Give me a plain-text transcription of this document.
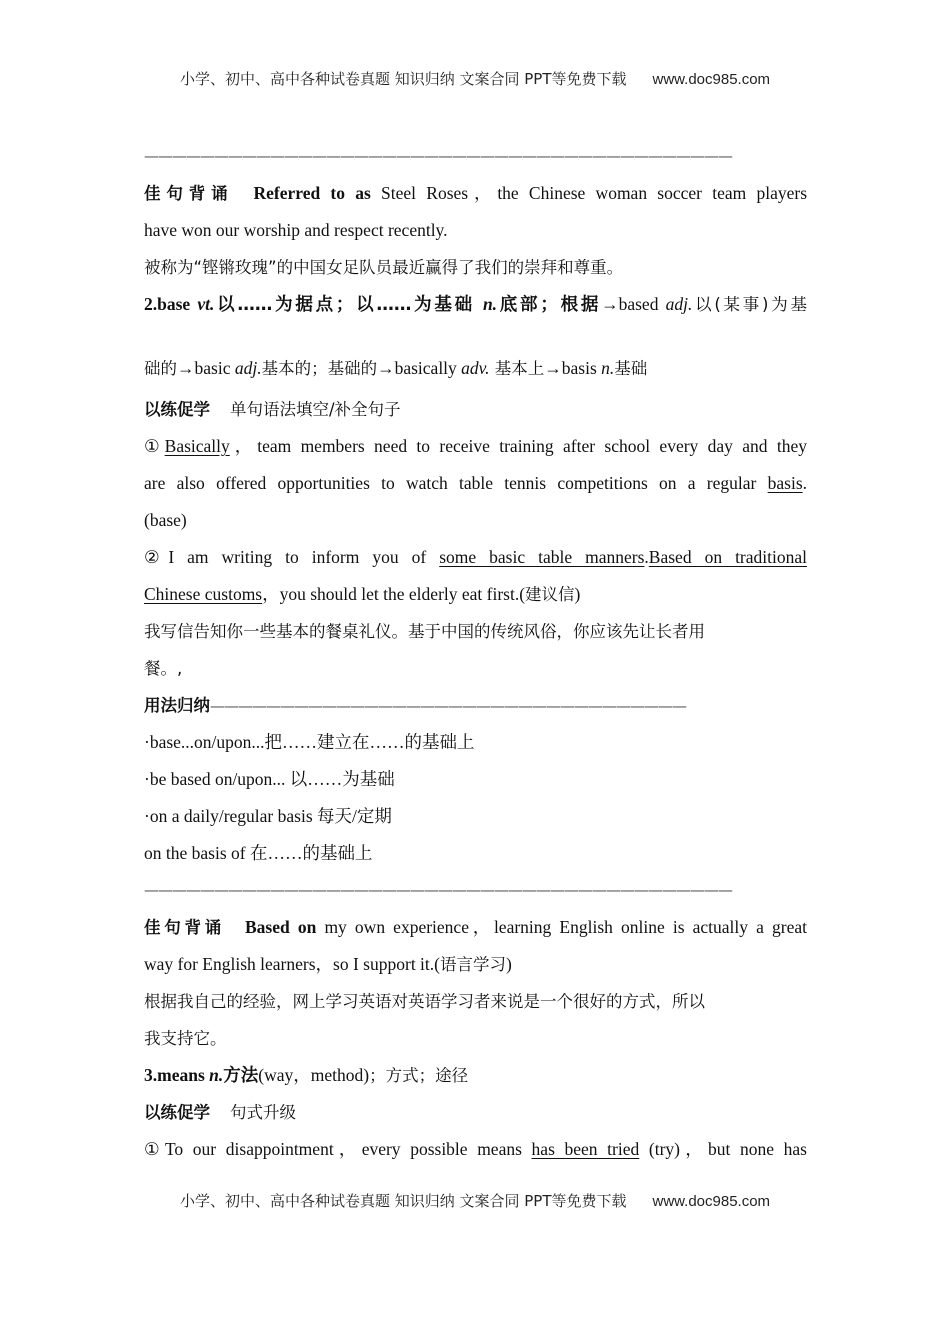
小学、初中、高中各种试卷真题 知识归纳 文案合同 PPT等免费下载 www.doc985.com
——————————————————————————————————————————
佳句背诵 Referred to as Steel Roses，the Chinese woman soccer team players
have won our worship and respect recently.
被称为“铿锵玫瑰”的中国女足队员最近赢得了我们的崇拜和尊重。
2.base vt.以……为据点；以……为基础 n.底部；根据→based adj.以(某事)为基
础的→basic adj.基本的；基础的→basically adv. 基本上→basis n.基础
以练促学 单句语法填空/补全句子
①Basically，team members need to receive training after school every day and they
are also offered opportunities to watch table tennis competitions on a regular basis.
(base)
②I am writing to inform you of some basic table manners.Based on traditional
Chinese customs，you should let the elderly eat first.(建议信)
我写信告知你一些基本的餐桌礼仪。基于中国的传统风俗，你应该先让长者用
餐。,
用法归纳——————————————————————————————————
·base...on/upon...把……建立在……的基础上
·be based on/upon... 以……为基础
·on a daily/regular basis 每天/定期
on the basis of 在……的基础上
——————————————————————————————————————————
佳句背诵 Based on my own experience，learning English online is actually a great
way for English learners，so I support it.(语言学习)
根据我自己的经验，网上学习英语对英语学习者来说是一个很好的方式，所以
我支持它。
3.means n.方法(way，method)；方式；途径
以练促学 句式升级
①To our disappointment，every possible means has been tried (try)，but none has
小学、初中、高中各种试卷真题 知识归纳 文案合同 PPT等免费下载 www.doc985.com
